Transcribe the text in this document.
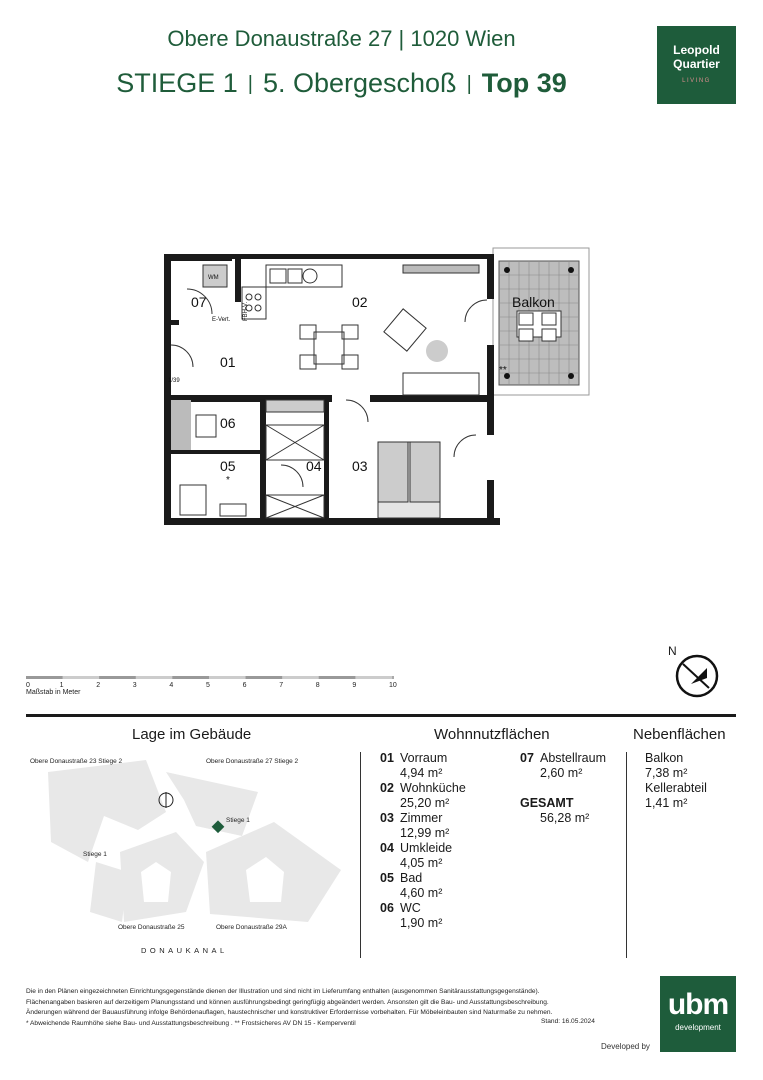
Obere Donaustraße 27 | 1020 Wien
STIEGE 1 | 5. Obergeschoß | Top 39
Leopold
Quartier
LIVING
Balkon
07	02
01
06
05	04 03
WM
FBH-V.
E-Vert.
1/39
*
**
0	1	2	3	4	5	6	7	8	9	10
Maßstab in Meter
N
Lage im Gebäude	Wohnnutzflächen	Nebenflächen
Obere Donaustraße 23 Stiege 2	Obere Donaustraße 27 Stiege 2
Stiege 1
Stiege 1
Obere Donaustraße 25	Obere Donaustraße 29A
DONAUKANAL
01 Vorraum
4,94 m²
02 Wohnküche
25,20 m²
03 Zimmer
12,99 m²
04 Umkleide
4,05 m²
05 Bad
4,60 m²
06 WC
1,90 m²
07 Abstellraum
2,60 m²
GESAMT
56,28 m²
Balkon
7,38 m²
Kellerabteil
1,41 m²
Die in den Plänen eingezeichneten Einrichtungsgegenstände dienen der Illustration und sind nicht im Lieferumfang enthalten (ausgenommen Sanitärausstattungsgegenstände).
Flächenangaben basieren auf derzeitigem Planungsstand und können ausführungsbedingt geringfügig abgeändert werden. Ansonsten gilt die Bau- und Ausstattungsbeschreibung.
Änderungen während der Bauausführung infolge Behördenauflagen, haustechnischer und konstruktiver Erfordernisse vorbehalten. Für Möbeleinbauten sind Naturmaße zu nehmen.
* Abweichende Raumhöhe siehe Bau- und Ausstattungsbeschreibung . ** Frostsicheres AV DN 15 - Kemperventil	Stand: 16.05.2024
Developed by
ubm
development
